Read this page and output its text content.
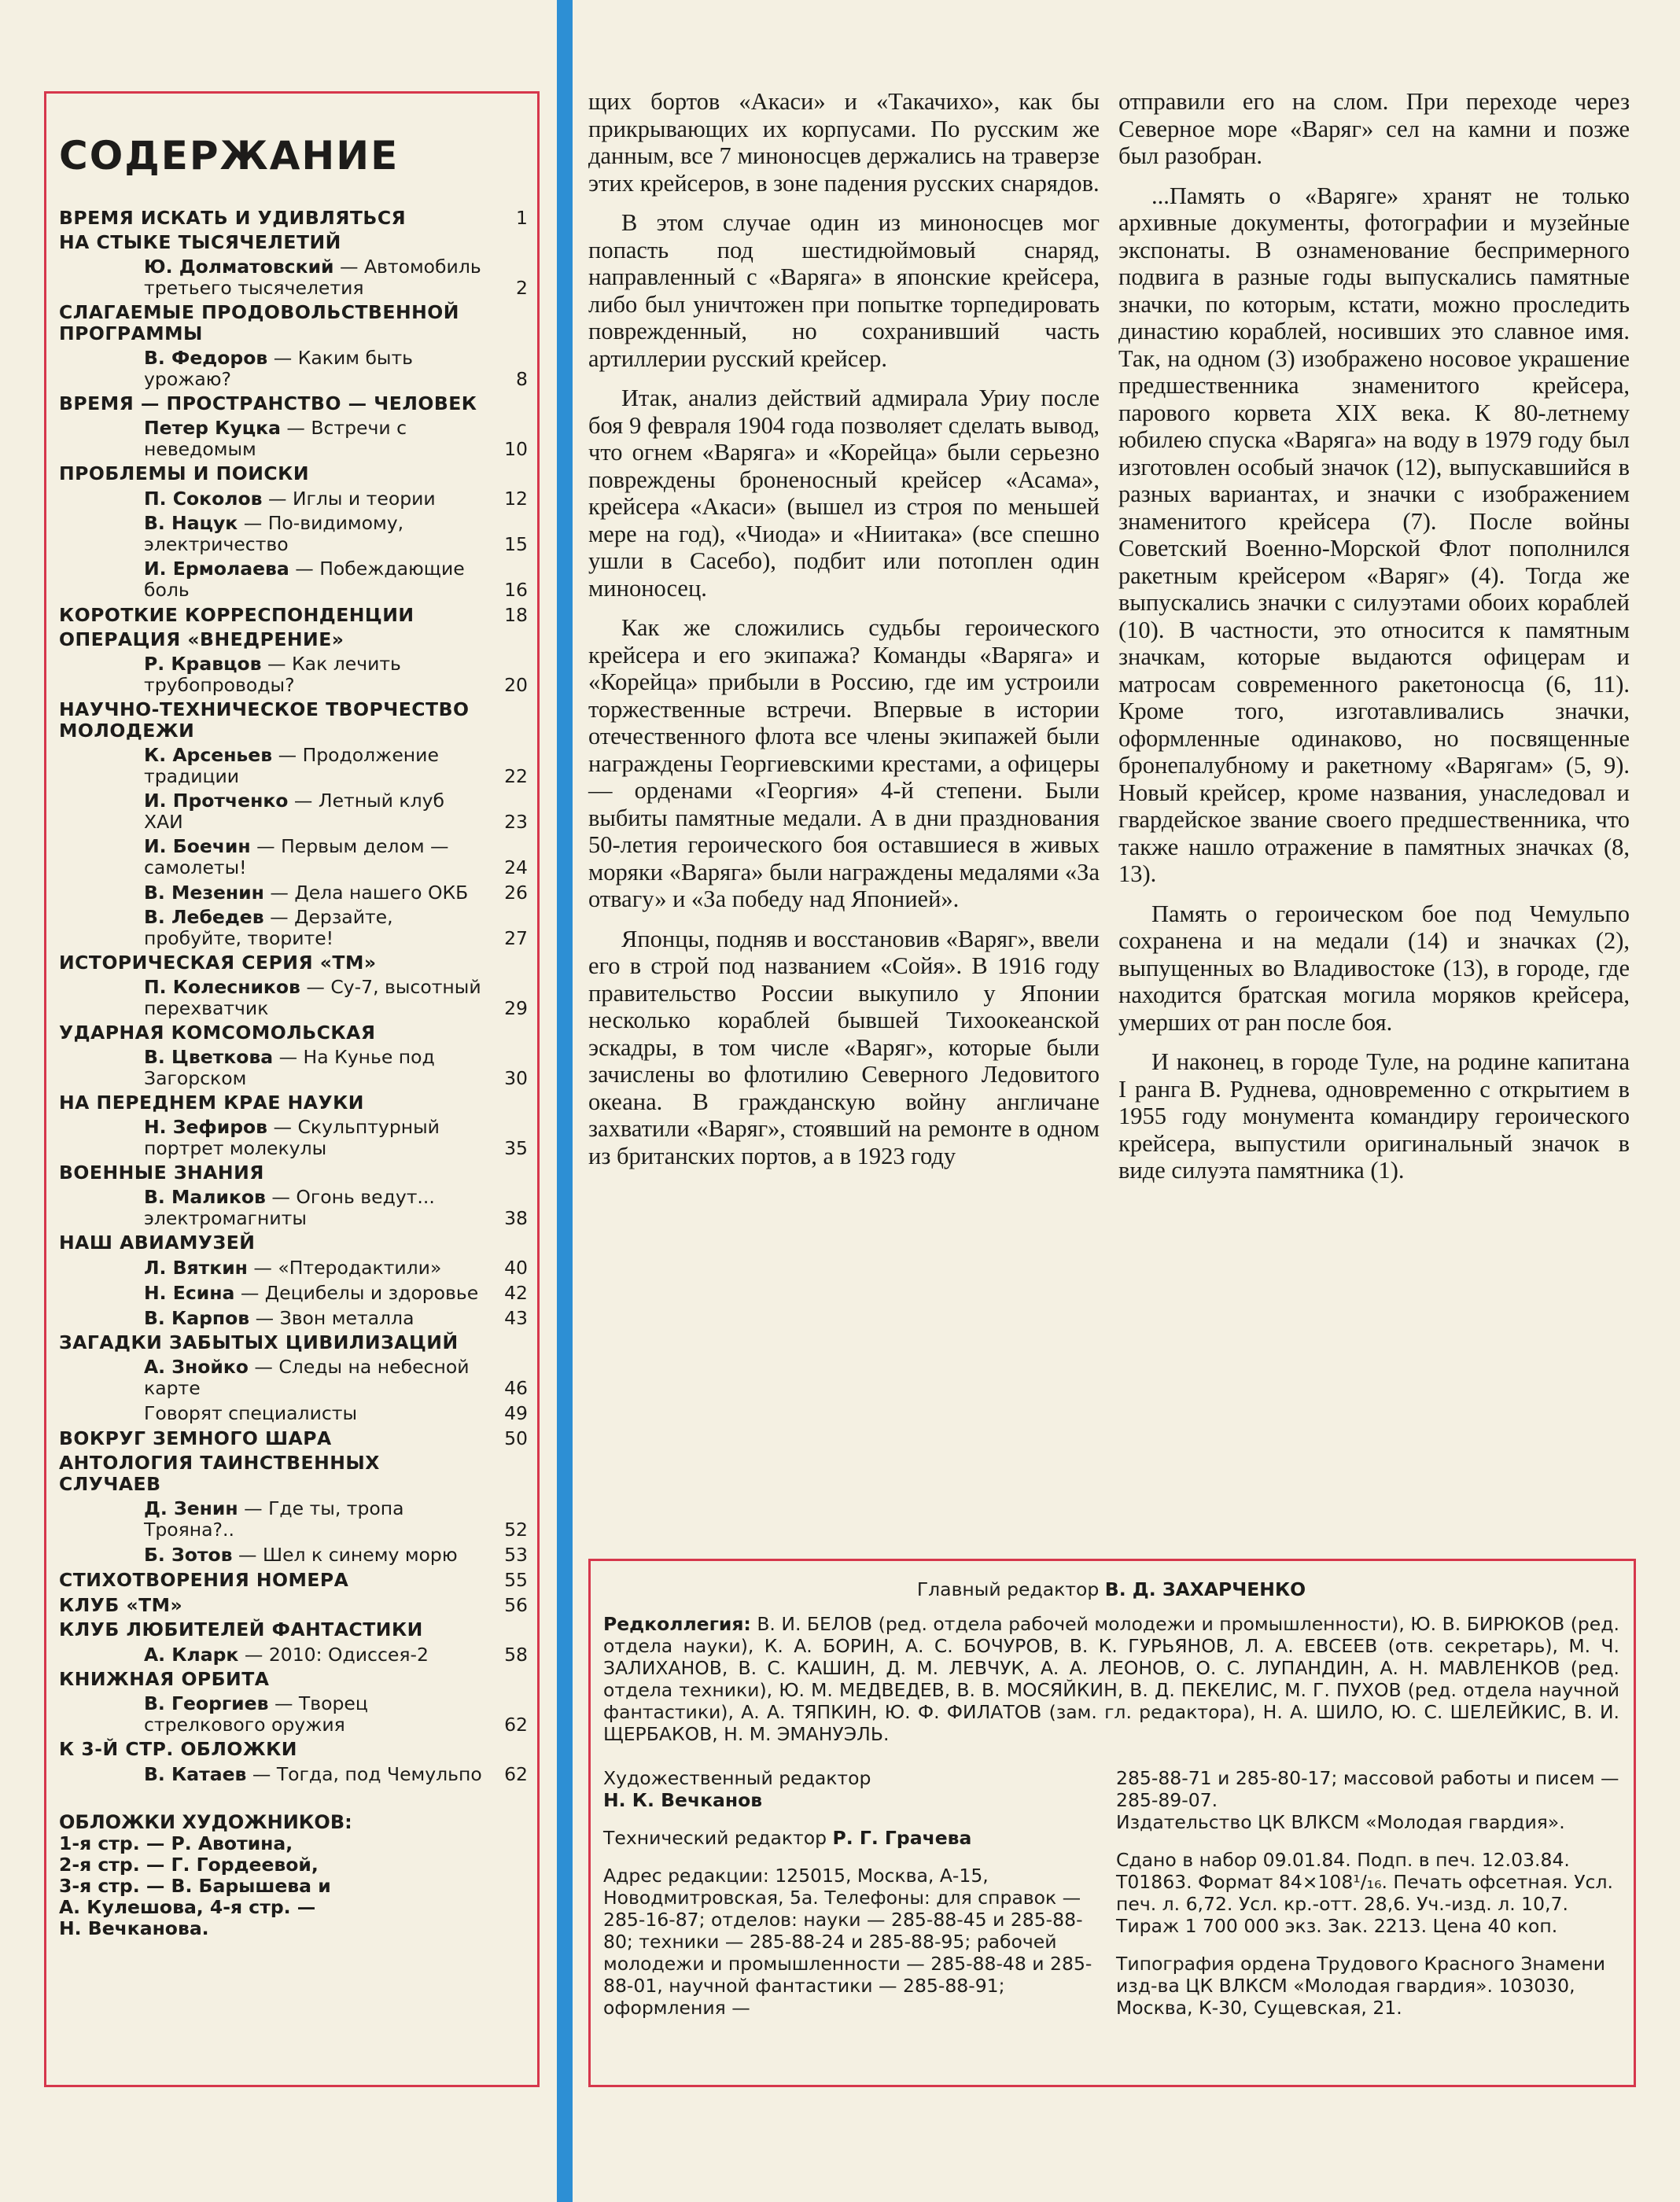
СОДЕРЖАНИЕ
ВРЕМЯ ИСКАТЬ И УДИВЛЯТЬСЯ	1
НА СТЫКЕ ТЫСЯЧЕЛЕТИЙ
Ю. Долматовский — Автомобиль третьего тысячелетия	2
СЛАГАЕМЫЕ ПРОДОВОЛЬСТВЕННОЙ ПРОГРАММЫ
В. Федоров — Каким быть урожаю?	8
ВРЕМЯ — ПРОСТРАНСТВО — ЧЕЛОВЕК
Петер Куцка — Встречи с неведомым	10
ПРОБЛЕМЫ И ПОИСКИ
П. Соколов — Иглы и теории	12
В. Нацук — По-видимому, электричество	15
И. Ермолаева — Побеждающие боль	16
КОРОТКИЕ КОРРЕСПОНДЕНЦИИ	18
ОПЕРАЦИЯ «ВНЕДРЕНИЕ»
Р. Кравцов — Как лечить трубопроводы?	20
НАУЧНО-ТЕХНИЧЕСКОЕ ТВОРЧЕСТВО МОЛОДЕЖИ
К. Арсеньев — Продолжение традиции	22
И. Протченко — Летный клуб ХАИ	23
И. Боечин — Первым делом — самолеты!	24
В. Мезенин — Дела нашего ОКБ	26
В. Лебедев — Дерзайте, пробуйте, творите!	27
ИСТОРИЧЕСКАЯ СЕРИЯ «ТМ»
П. Колесников — Су-7, высотный перехватчик	29
УДАРНАЯ КОМСОМОЛЬСКАЯ
В. Цветкова — На Кунье под Загорском	30
НА ПЕРЕДНЕМ КРАЕ НАУКИ
Н. Зефиров — Скульптурный портрет молекулы	35
ВОЕННЫЕ ЗНАНИЯ
В. Маликов — Огонь ведут... электромагниты	38
НАШ АВИАМУЗЕЙ
Л. Вяткин — «Птеродактили»	40
Н. Есина — Децибелы и здоровье	42
В. Карпов — Звон металла	43
ЗАГАДКИ ЗАБЫТЫХ ЦИВИЛИЗАЦИЙ
А. Знойко — Следы на небесной карте	46
Говорят специалисты	49
ВОКРУГ ЗЕМНОГО ШАРА	50
АНТОЛОГИЯ ТАИНСТВЕННЫХ СЛУЧАЕВ
Д. Зенин — Где ты, тропа Трояна?..	52
Б. Зотов — Шел к синему морю	53
СТИХОТВОРЕНИЯ НОМЕРА	55
КЛУБ «ТМ»	56
КЛУБ ЛЮБИТЕЛЕЙ ФАНТАСТИКИ
А. Кларк — 2010: Одиссея-2	58
КНИЖНАЯ ОРБИТА
В. Георгиев — Творец стрелкового оружия	62
К 3-Й СТР. ОБЛОЖКИ
В. Катаев — Тогда, под Чемульпо	62
ОБЛОЖКИ ХУДОЖНИКОВ:
1-я стр. — Р. Авотина,
2-я стр. — Г. Гордеевой,
3-я стр. — В. Барышева и
А. Кулешова, 4-я стр. —
Н. Вечканова.

щих бортов «Акаси» и «Такачихо», как бы прикрывающих их корпусами. По русским же данным, все 7 миноносцев держались на траверзе этих крейсеров, в зоне падения русских снарядов.

В этом случае один из миноносцев мог попасть под шестидюймовый снаряд, направленный с «Варяга» в японские крейсера, либо был уничтожен при попытке торпедировать поврежденный, но сохранивший часть артиллерии русский крейсер.

Итак, анализ действий адмирала Уриу после боя 9 февраля 1904 года позволяет сделать вывод, что огнем «Варяга» и «Корейца» были серьезно повреждены броненосный крейсер «Асама», крейсера «Акаси» (вышел из строя по меньшей мере на год), «Чиода» и «Ниитака» (все спешно ушли в Сасебо), подбит или потоплен один миноносец.

Как же сложились судьбы героического крейсера и его экипажа? Команды «Варяга» и «Корейца» прибыли в Россию, где им устроили торжественные встречи. Впервые в истории отечественного флота все члены экипажей были награждены Георгиевскими крестами, а офицеры — орденами «Георгия» 4-й степени. Были выбиты памятные медали. А в дни празднования 50-летия героического боя оставшиеся в живых моряки «Варяга» были награждены медалями «За отвагу» и «За победу над Японией».

Японцы, подняв и восстановив «Варяг», ввели его в строй под названием «Сойя». В 1916 году правительство России выкупило у Японии несколько кораблей бывшей Тихоокеанской эскадры, в том числе «Варяг», которые были зачислены во флотилию Северного Ледовитого океана. В гражданскую войну англичане захватили «Варяг», стоявший на ремонте в одном из британских портов, а в 1923 году

отправили его на слом. При переходе через Северное море «Варяг» сел на камни и позже был разобран.

...Память о «Варяге» хранят не только архивные документы, фотографии и музейные экспонаты. В ознаменование беспримерного подвига в разные годы выпускались памятные значки, по которым, кстати, можно проследить династию кораблей, носивших это славное имя. Так, на одном (3) изображено носовое украшение предшественника знаменитого крейсера, парового корвета XIX века. К 80-летнему юбилею спуска «Варяга» на воду в 1979 году был изготовлен особый значок (12), выпускавшийся в разных вариантах, и значки с изображением знаменитого крейсера (7). После войны Советский Военно-Морской Флот пополнился ракетным крейсером «Варяг» (4). Тогда же выпускались значки с силуэтами обоих кораблей (10). В частности, это относится к памятным значкам, которые выдаются офицерам и матросам современного ракетоносца (6, 11). Кроме того, изготавливались значки, оформленные одинаково, но посвященные бронепалубному и ракетному «Варягам» (5, 9). Новый крейсер, кроме названия, унаследовал и гвардейское звание своего предшественника, что также нашло отражение в памятных значках (8, 13).

Память о героическом бое под Чемульпо сохранена и на медали (14) и значках (2), выпущенных во Владивостоке (13), в городе, где находится братская могила моряков крейсера, умерших от ран после боя.

И наконец, в городе Туле, на родине капитана I ранга В. Руднева, одновременно с открытием в 1955 году монумента командиру героического крейсера, выпустили оригинальный значок в виде силуэта памятника (1).

Главный редактор В. Д. ЗАХАРЧЕНКО
Редколлегия: В. И. БЕЛОВ (ред. отдела рабочей молодежи и промышленности), Ю. В. БИРЮКОВ (ред. отдела науки), К. А. БОРИН, А. С. БОЧУРОВ, В. К. ГУРЬЯНОВ, Л. А. ЕВСЕЕВ (отв. секретарь), М. Ч. ЗАЛИХАНОВ, В. С. КАШИН, Д. М. ЛЕВЧУК, А. А. ЛЕОНОВ, О. С. ЛУПАНДИН, А. Н. МАВЛЕНКОВ (ред. отдела техники), Ю. М. МЕДВЕДЕВ, В. В. МОСЯЙКИН, В. Д. ПЕКЕЛИС, М. Г. ПУХОВ (ред. отдела научной фантастики), А. А. ТЯПКИН, Ю. Ф. ФИЛАТОВ (зам. гл. редактора), Н. А. ШИЛО, Ю. С. ШЕЛЕЙКИС, В. И. ЩЕРБАКОВ, Н. М. ЭМАНУЭЛЬ.

Художественный редактор
Н. К. Вечканов

Технический редактор Р. Г. Грачева

Адрес редакции: 125015, Москва, А-15, Новодмитровская, 5а. Телефоны: для справок — 285-16-87; отделов: науки — 285-88-45 и 285-88-80; техники — 285-88-24 и 285-88-95; рабочей молодежи и промышленности — 285-88-48 и 285-88-01, научной фантастики — 285-88-91; оформления —

285-88-71 и 285-80-17; массовой работы и писем — 285-89-07.

Издательство ЦК ВЛКСМ «Молодая гвардия».

Сдано в набор 09.01.84. Подп. в печ. 12.03.84. Т01863. Формат 84×108¹/₁₆. Печать офсетная. Усл. печ. л. 6,72. Усл. кр.-отт. 28,6. Уч.-изд. л. 10,7. Тираж 1 700 000 экз. Зак. 2213. Цена 40 коп.

Типография ордена Трудового Красного Знамени изд-ва ЦК ВЛКСМ «Молодая гвардия». 103030, Москва, К-30, Сущевская, 21.
